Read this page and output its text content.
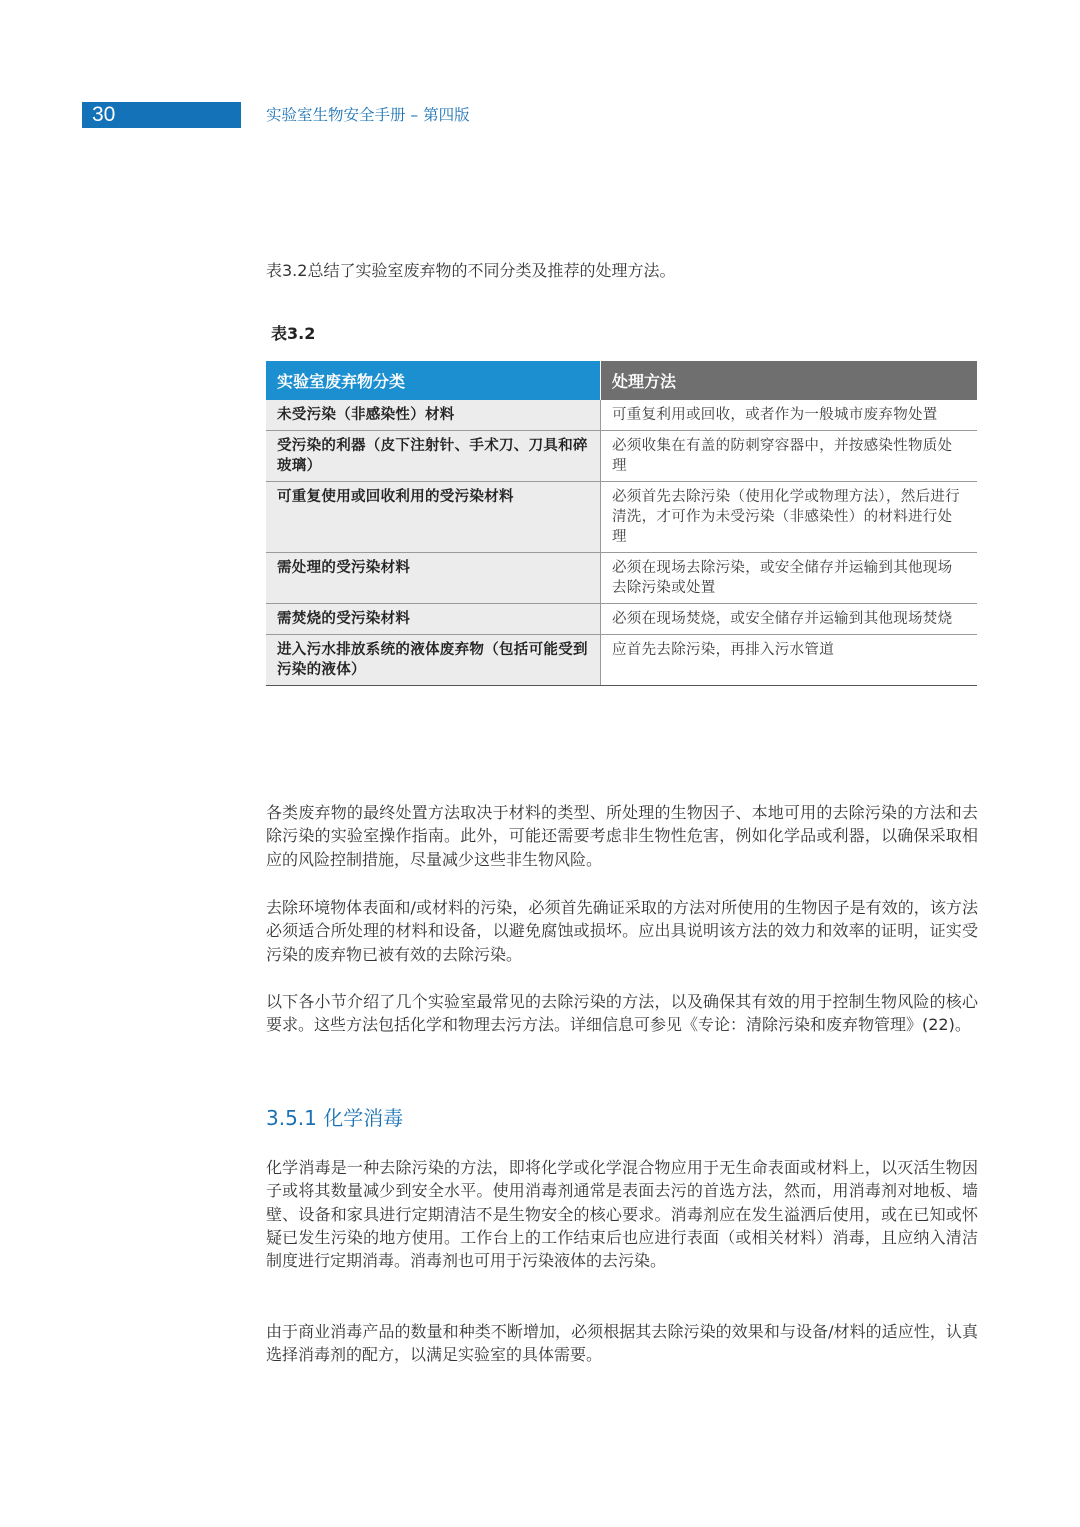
30	实验室生物安全手册 – 第四版
表3.2总结了实验室废弃物的不同分类及推荐的处理方法。
表3.2
实验室废弃物分类	处理方法
未受污染（非感染性）材料	可重复利用或回收，或者作为一般城市废弃物处置
受污染的利器（皮下注射针、手术刀、刀具和碎玻璃）	必须收集在有盖的防刺穿容器中，并按感染性物质处理
可重复使用或回收利用的受污染材料	必须首先去除污染（使用化学或物理方法），然后进行清洗，才可作为未受污染（非感染性）的材料进行处理
需处理的受污染材料	必须在现场去除污染，或安全储存并运输到其他现场去除污染或处置
需焚烧的受污染材料	必须在现场焚烧，或安全储存并运输到其他现场焚烧
进入污水排放系统的液体废弃物（包括可能受到污染的液体）	应首先去除污染，再排入污水管道

各类废弃物的最终处置方法取决于材料的类型、所处理的生物因子、本地可用的去除污染的方法和去除污染的实验室操作指南。此外，可能还需要考虑非生物性危害，例如化学品或利器，以确保采取相应的风险控制措施，尽量减少这些非生物风险。

去除环境物体表面和/或材料的污染，必须首先确证采取的方法对所使用的生物因子是有效的，该方法必须适合所处理的材料和设备，以避免腐蚀或损坏。应出具说明该方法的效力和效率的证明，证实受污染的废弃物已被有效的去除污染。

以下各小节介绍了几个实验室最常见的去除污染的方法，以及确保其有效的用于控制生物风险的核心要求。这些方法包括化学和物理去污方法。详细信息可参见《专论：清除污染和废弃物管理》(22)。

3.5.1 化学消毒

化学消毒是一种去除污染的方法，即将化学或化学混合物应用于无生命表面或材料上，以灭活生物因子或将其数量减少到安全水平。使用消毒剂通常是表面去污的首选方法，然而，用消毒剂对地板、墙壁、设备和家具进行定期清洁不是生物安全的核心要求。消毒剂应在发生溢洒后使用，或在已知或怀疑已发生污染的地方使用。工作台上的工作结束后也应进行表面（或相关材料）消毒，且应纳入清洁制度进行定期消毒。消毒剂也可用于污染液体的去污染。

由于商业消毒产品的数量和种类不断增加，必须根据其去除污染的效果和与设备/材料的适应性，认真选择消毒剂的配方，以满足实验室的具体需要。
